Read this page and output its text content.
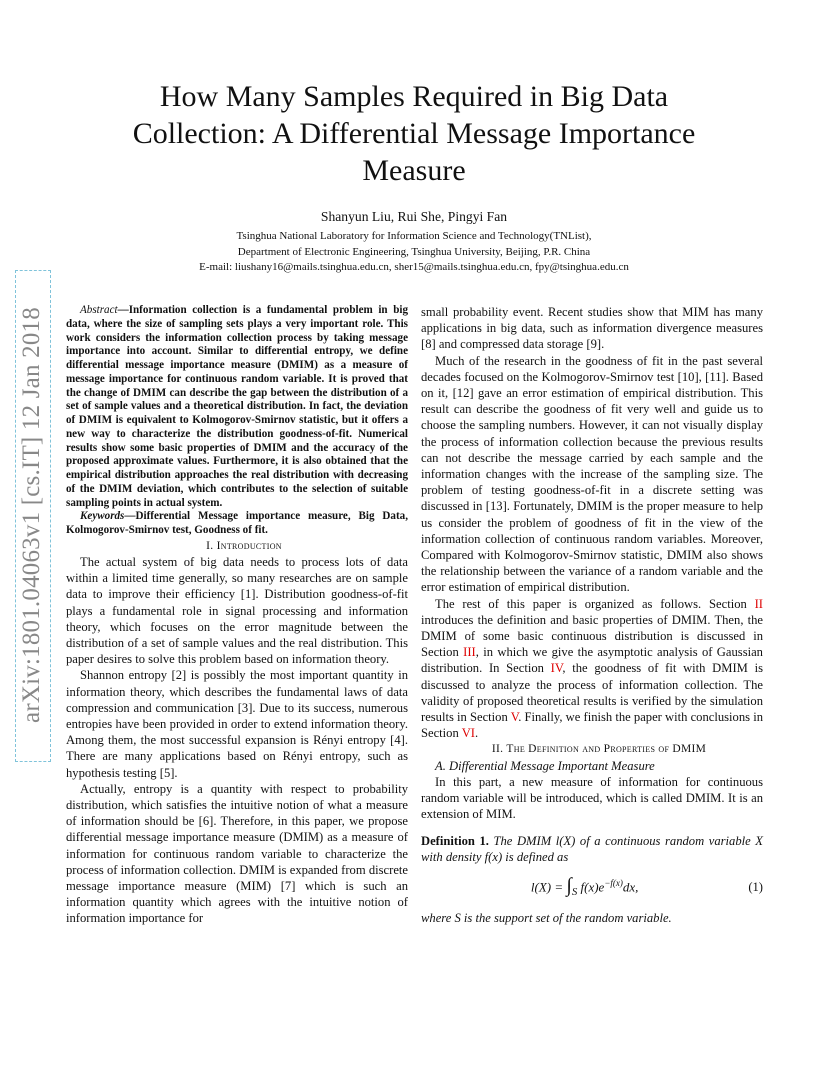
How Many Samples Required in Big Data
Collection: A Differential Message Importance
Measure
Shanyun Liu, Rui She, Pingyi Fan
Tsinghua National Laboratory for Information Science and Technology(TNList),
Department of Electronic Engineering, Tsinghua University, Beijing, P.R. China
E-mail: liushany16@mails.tsinghua.edu.cn, sher15@mails.tsinghua.edu.cn, fpy@tsinghua.edu.cn
arXiv:1801.04063v1 [cs.IT] 12 Jan 2018	Abstract—Information collection is a fundamental problem in big data, where the size of sampling sets plays a very important role. This work considers the information collection process by taking message importance into account. Similar to differential entropy, we define differential message importance measure (DMIM) as a measure of message importance for continuous random variable. It is proved that the change of DMIM can describe the gap between the distribution of a set of sample values and a theoretical distribution. In fact, the deviation of DMIM is equivalent to Kolmogorov-Smirnov statistic, but it offers a new way to characterize the distribution goodness-of-fit. Numerical results show some basic properties of DMIM and the accuracy of the proposed approximate values. Furthermore, it is also obtained that the empirical distribution approaches the real distribution with decreasing of the DMIM deviation, which contributes to the selection of suitable sampling points in actual system.

Keywords—Differential Message importance measure, Big Data, Kolmogorov-Smirnov test, Goodness of fit.

I. Introduction

The actual system of big data needs to process lots of data within a limited time generally, so many researches are on sample data to improve their efficiency [1]. Distribution goodness-of-fit plays a fundamental role in signal processing and information theory, which focuses on the error magnitude between the distribution of a set of sample values and the real distribution. This paper desires to solve this problem based on information theory.

Shannon entropy [2] is possibly the most important quantity in information theory, which describes the fundamental laws of data compression and communication [3]. Due to its success, numerous entropies have been provided in order to extend information theory. Among them, the most successful expansion is Rényi entropy [4]. There are many applications based on Rényi entropy, such as hypothesis testing [5].

Actually, entropy is a quantity with respect to probability distribution, which satisfies the intuitive notion of what a measure of information should be [6]. Therefore, in this paper, we propose differential message importance measure (DMIM) as a measure of information for continuous random variable to characterize the process of information collection. DMIM is expanded from discrete message importance measure (MIM) [7] which is such an information quantity which agrees with the intuitive notion of information importance for

small probability event. Recent studies show that MIM has many applications in big data, such as information divergence measures [8] and compressed data storage [9].

Much of the research in the goodness of fit in the past several decades focused on the Kolmogorov-Smirnov test [10], [11]. Based on it, [12] gave an error estimation of empirical distribution. This result can describe the goodness of fit very well and guide us to choose the sampling numbers. However, it can not visually display the process of information collection because the previous results can not describe the message carried by each sample and the information changes with the increase of the sampling size. The problem of testing goodness-of-fit in a discrete setting was discussed in [13]. Fortunately, DMIM is the proper measure to help us consider the problem of goodness of fit in the view of the information collection of continuous random variables. Moreover, Compared with Kolmogorov-Smirnov statistic, DMIM also shows the relationship between the variance of a random variable and the error estimation of empirical distribution.

The rest of this paper is organized as follows. Section II introduces the definition and basic properties of DMIM. Then, the DMIM of some basic continuous distribution is discussed in Section III, in which we give the asymptotic analysis of Gaussian distribution. In Section IV, the goodness of fit with DMIM is discussed to analyze the process of information collection. The validity of proposed theoretical results is verified by the simulation results in Section V. Finally, we finish the paper with conclusions in Section VI.

II. The Definition and Properties of DMIM

A. Differential Message Important Measure

In this part, a new measure of information for continuous random variable will be introduced, which is called DMIM. It is an extension of MIM.

Definition 1. The DMIM l(X) of a continuous random variable X with density f(x) is defined as

$l(X) = \int_S$ $f(x)e^{-f(x)}dx$,	(1)

where S is the support set of the random variable.
